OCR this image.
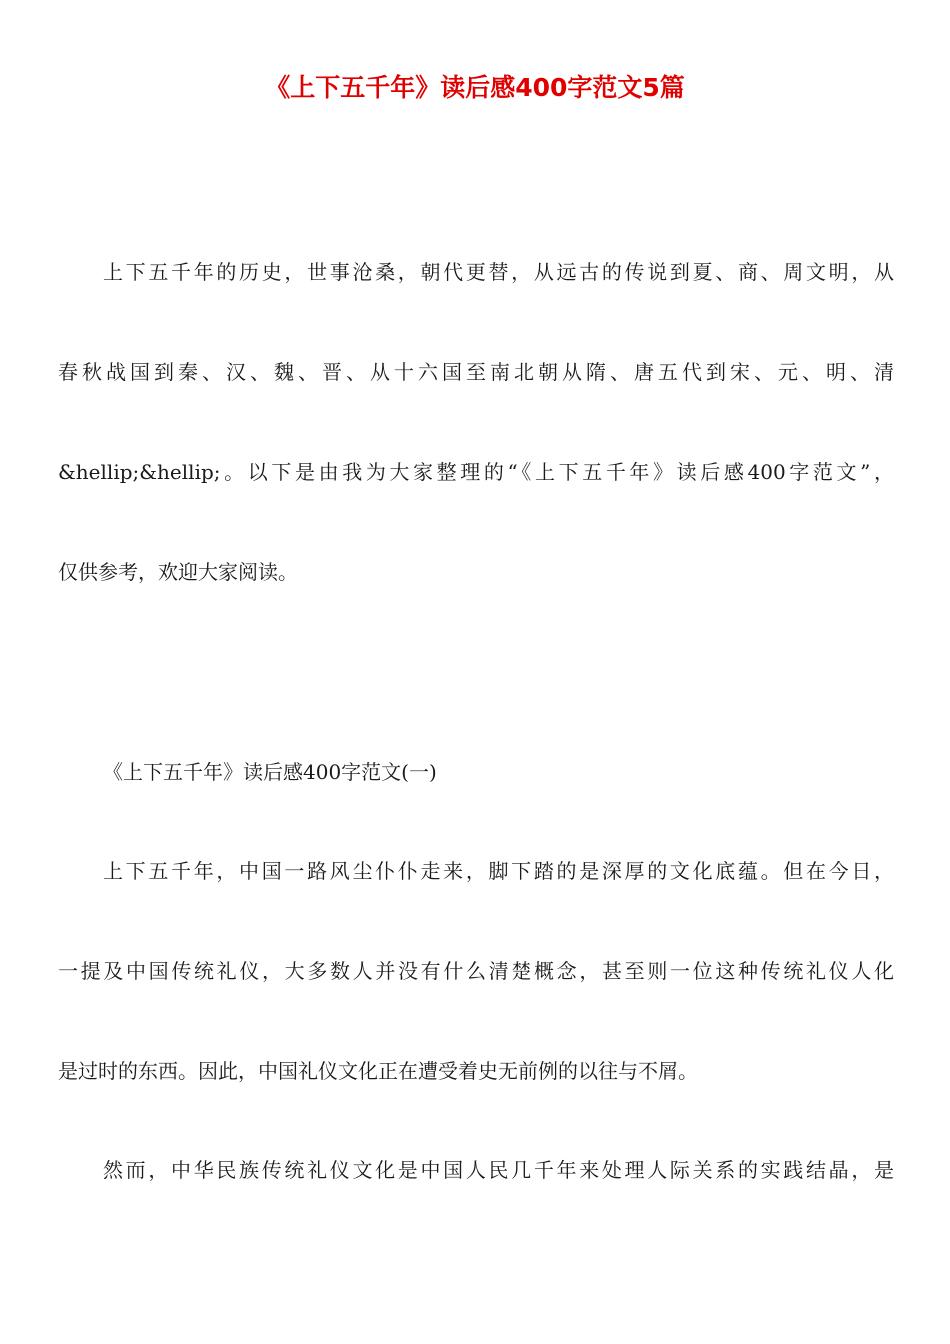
《上下五千年》读后感400字范文5篇

上下五千年的历史，世事沧桑，朝代更替，从远古的传说到夏、商、周文明，从

春秋战国到秦、汉、魏、晋、从十六国至南北朝从隋、唐五代到宋、元、明、清

&hellip;&hellip;。以下是由我为大家整理的“《上下五千年》读后感400字范文”，

仅供参考，欢迎大家阅读。

《上下五千年》读后感400字范文(一)

上下五千年，中国一路风尘仆仆走来，脚下踏的是深厚的文化底蕴。但在今日，

一提及中国传统礼仪，大多数人并没有什么清楚概念，甚至则一位这种传统礼仪人化

是过时的东西。因此，中国礼仪文化正在遭受着史无前例的以往与不屑。

然而，中华民族传统礼仪文化是中国人民几千年来处理人际关系的实践结晶，是
